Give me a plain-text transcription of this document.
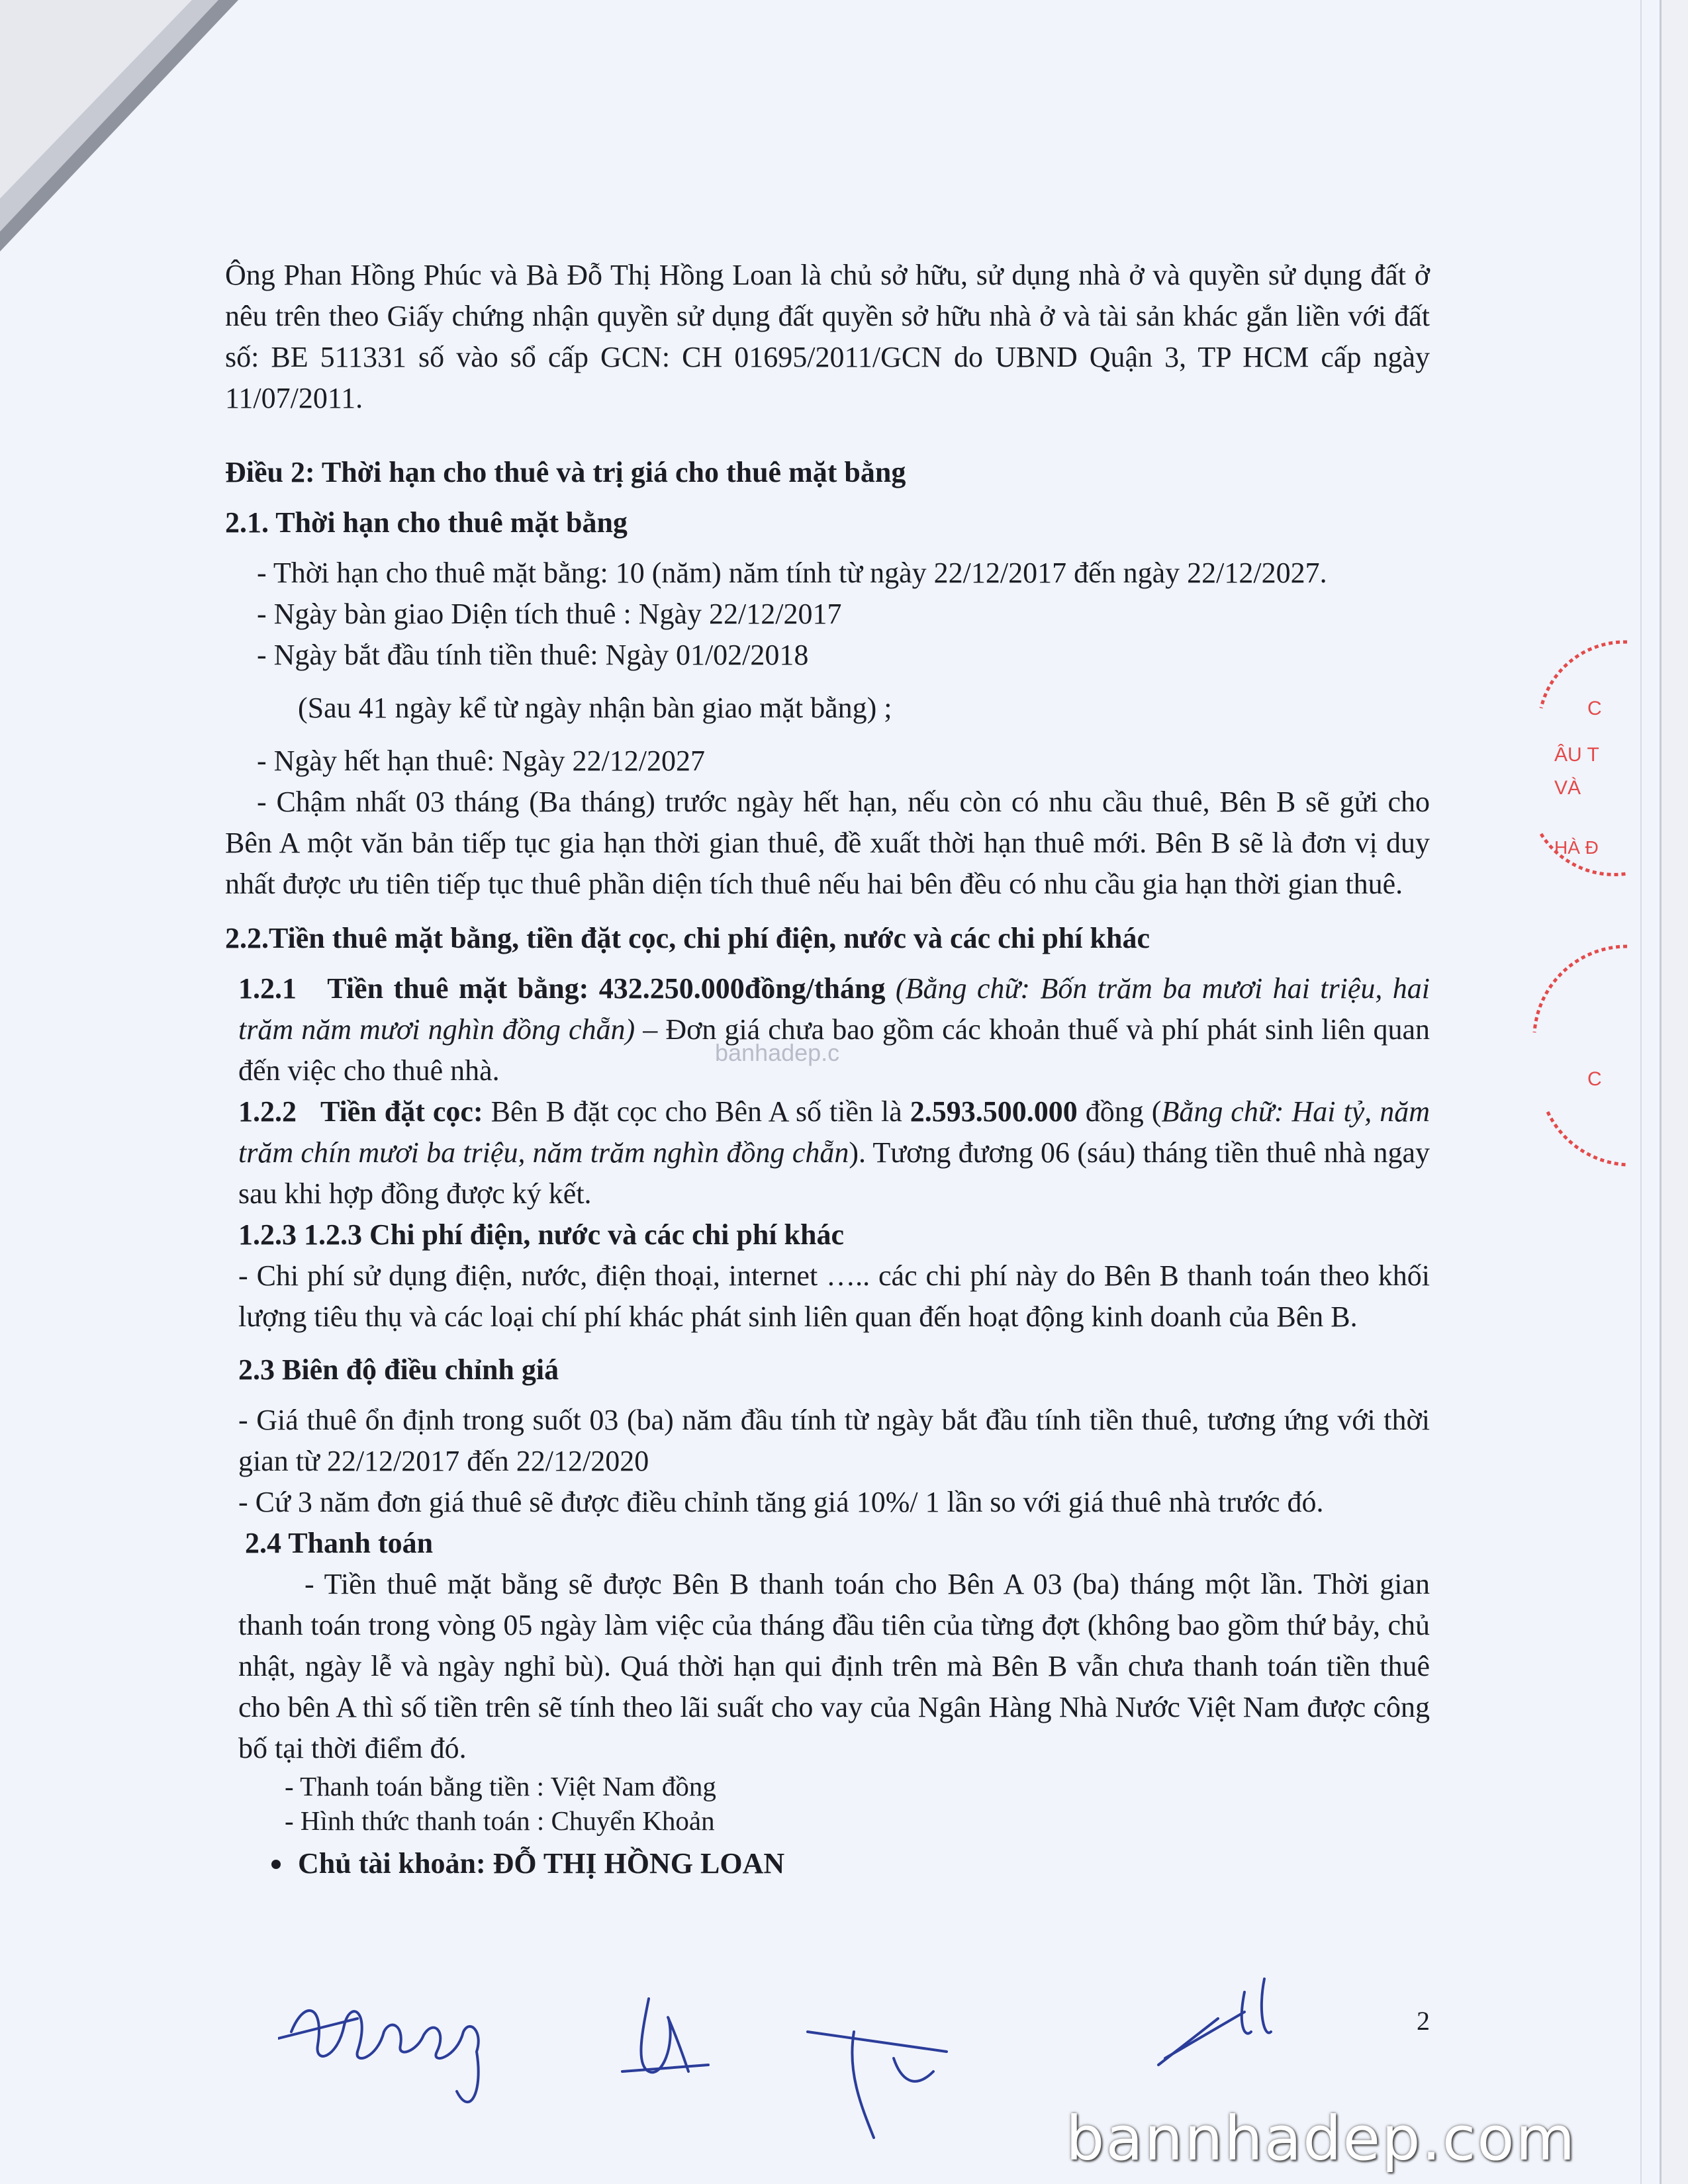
Ông Phan Hồng Phúc và Bà Đỗ Thị Hồng Loan là chủ sở hữu, sử dụng nhà ở và quyền sử dụng đất ở nêu trên theo Giấy chứng nhận quyền sử dụng đất quyền sở hữu nhà ở và tài sản khác gắn liền với đất số: BE 511331 số vào sổ cấp GCN: CH 01695/2011/GCN do UBND Quận 3, TP HCM cấp ngày 11/07/2011.

Điều 2: Thời hạn cho thuê và trị giá cho thuê mặt bằng

2.1. Thời hạn cho thuê mặt bằng

- Thời hạn cho thuê mặt bằng: 10 (năm) năm tính từ ngày 22/12/2017 đến ngày 22/12/2027.

- Ngày bàn giao Diện tích thuê : Ngày 22/12/2017

- Ngày bắt đầu tính tiền thuê: Ngày 01/02/2018

(Sau 41 ngày kể từ ngày nhận bàn giao mặt bằng) ;

- Ngày hết hạn thuê: Ngày 22/12/2027

- Chậm nhất 03 tháng (Ba tháng) trước ngày hết hạn, nếu còn có nhu cầu thuê, Bên B sẽ gửi cho Bên A một văn bản tiếp tục gia hạn thời gian thuê, đề xuất thời hạn thuê mới. Bên B sẽ là đơn vị duy nhất được ưu tiên tiếp tục thuê phần diện tích thuê nếu hai bên đều có nhu cầu gia hạn thời gian thuê.

2.2.Tiền thuê mặt bằng, tiền đặt cọc, chi phí điện, nước và các chi phí khác

1.2.1 Tiền thuê mặt bằng: 432.250.000đồng/tháng (Bằng chữ: Bốn trăm ba mươi hai triệu, hai trăm năm mươi nghìn đồng chẵn) – Đơn giá chưa bao gồm các khoản thuế và phí phát sinh liên quan đến việc cho thuê nhà.

1.2.2 Tiền đặt cọc: Bên B đặt cọc cho Bên A số tiền là 2.593.500.000 đồng (Bằng chữ: Hai tỷ, năm trăm chín mươi ba triệu, năm trăm nghìn đồng chẵn). Tương đương 06 (sáu) tháng tiền thuê nhà ngay sau khi hợp đồng được ký kết.

1.2.3 1.2.3 Chi phí điện, nước và các chi phí khác

- Chi phí sử dụng điện, nước, điện thoại, internet ….. các chi phí này do Bên B thanh toán theo khối lượng tiêu thụ và các loại chí phí khác phát sinh liên quan đến hoạt động kinh doanh của Bên B.

2.3 Biên độ điều chỉnh giá

- Giá thuê ổn định trong suốt 03 (ba) năm đầu tính từ ngày bắt đầu tính tiền thuê, tương ứng với thời gian từ 22/12/2017 đến 22/12/2020

- Cứ 3 năm đơn giá thuê sẽ được điều chỉnh tăng giá 10%/ 1 lần so với giá thuê nhà trước đó.

2.4 Thanh toán

- Tiền thuê mặt bằng sẽ được Bên B thanh toán cho Bên A 03 (ba) tháng một lần. Thời gian thanh toán trong vòng 05 ngày làm việc của tháng đầu tiên của từng đợt (không bao gồm thứ bảy, chủ nhật, ngày lễ và ngày nghỉ bù). Quá thời hạn qui định trên mà Bên B vẫn chưa thanh toán tiền thuê cho bên A thì số tiền trên sẽ tính theo lãi suất cho vay của Ngân Hàng Nhà Nước Việt Nam được công bố tại thời điểm đó.

- Thanh toán bằng tiền : Việt Nam đồng

- Hình thức thanh toán : Chuyển Khoản

Chủ tài khoản: ĐỖ THỊ HỒNG LOAN

banhadep.c
ÂU T
VÀ
C
C
HÀ Đ
2
bannhadep.com
